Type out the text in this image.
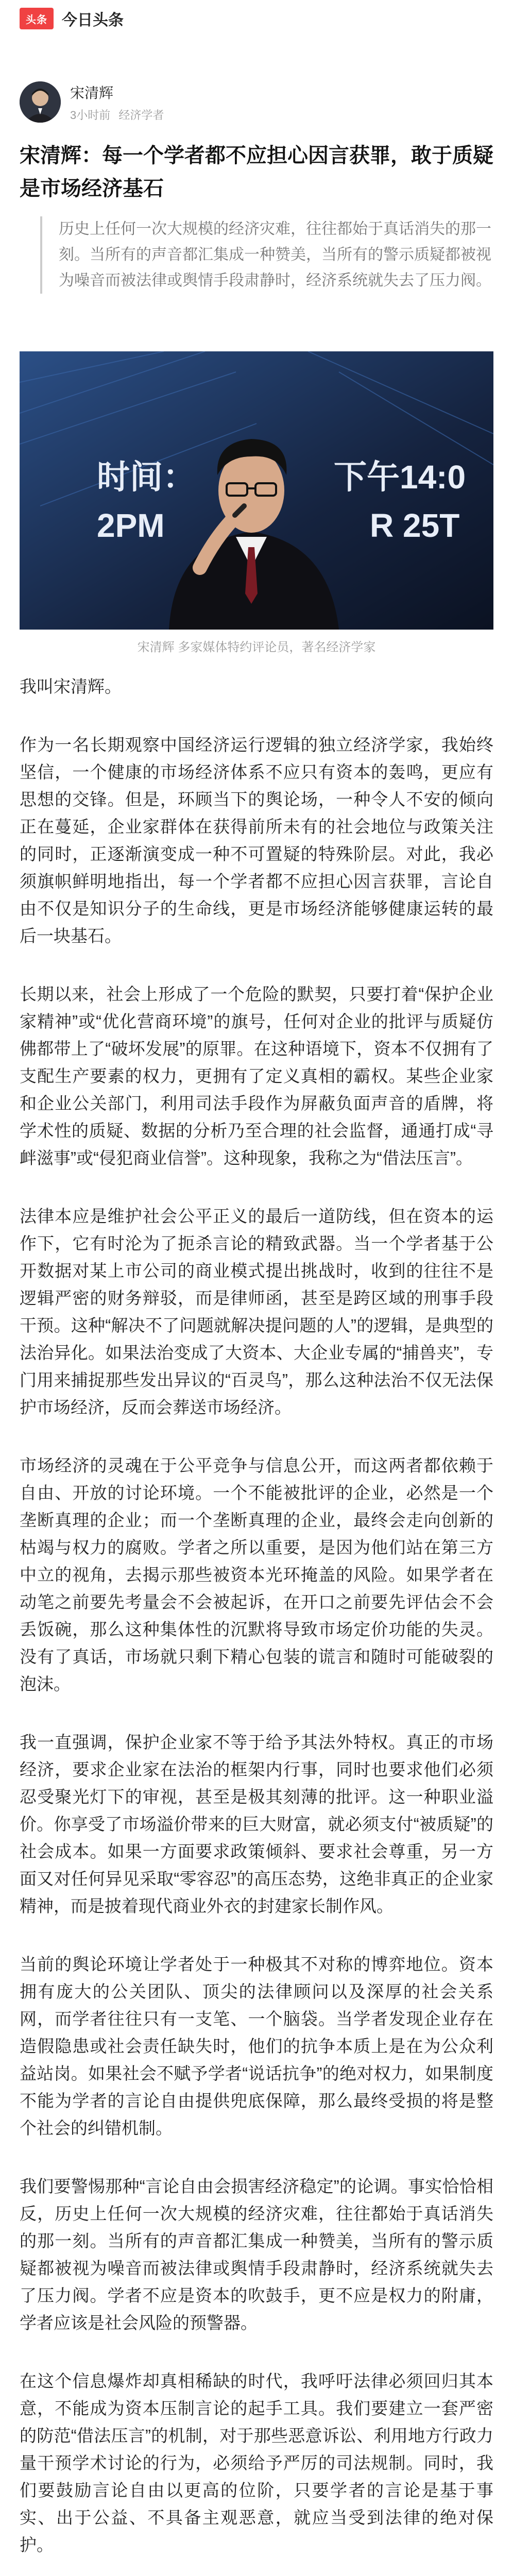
头条 今日头条
宋清辉
3小时前 经济学者
宋清辉：每一个学者都不应担心因言获罪，敢于质疑是市场经济基石
历史上任何一次大规模的经济灾难，往往都始于真话消失的那一刻。当所有的声音都汇集成一种赞美，当所有的警示质疑都被视为噪音而被法律或舆情手段肃静时，经济系统就失去了压力阀。
时间：	下午14:0
2PM	R 25T
宋清辉 多家媒体特约评论员，著名经济学家

我叫宋清辉。

作为一名长期观察中国经济运行逻辑的独立经济学家，我始终坚信，一个健康的市场经济体系不应只有资本的轰鸣，更应有思想的交锋。但是，环顾当下的舆论场，一种令人不安的倾向正在蔓延，企业家群体在获得前所未有的社会地位与政策关注的同时，正逐渐演变成一种不可置疑的特殊阶层。对此，我必须旗帜鲜明地指出，每一个学者都不应担心因言获罪，言论自由不仅是知识分子的生命线，更是市场经济能够健康运转的最后一块基石。

长期以来，社会上形成了一个危险的默契，只要打着“保护企业家精神”或“优化营商环境”的旗号，任何对企业的批评与质疑仿佛都带上了“破坏发展”的原罪。在这种语境下，资本不仅拥有了支配生产要素的权力，更拥有了定义真相的霸权。某些企业家和企业公关部门，利用司法手段作为屏蔽负面声音的盾牌，将学术性的质疑、数据的分析乃至合理的社会监督，通通打成“寻衅滋事”或“侵犯商业信誉”。这种现象，我称之为“借法压言”。

法律本应是维护社会公平正义的最后一道防线，但在资本的运作下，它有时沦为了扼杀言论的精致武器。当一个学者基于公开数据对某上市公司的商业模式提出挑战时，收到的往往不是逻辑严密的财务辩驳，而是律师函，甚至是跨区域的刑事手段干预。这种“解决不了问题就解决提问题的人”的逻辑，是典型的法治异化。如果法治变成了大资本、大企业专属的“捕兽夹”，专门用来捕捉那些发出异议的“百灵鸟”，那么这种法治不仅无法保护市场经济，反而会葬送市场经济。

市场经济的灵魂在于公平竞争与信息公开，而这两者都依赖于自由、开放的讨论环境。一个不能被批评的企业，必然是一个垄断真理的企业；而一个垄断真理的企业，最终会走向创新的枯竭与权力的腐败。学者之所以重要，是因为他们站在第三方中立的视角，去揭示那些被资本光环掩盖的风险。如果学者在动笔之前要先考量会不会被起诉，在开口之前要先评估会不会丢饭碗，那么这种集体性的沉默将导致市场定价功能的失灵。没有了真话，市场就只剩下精心包装的谎言和随时可能破裂的泡沫。

我一直强调，保护企业家不等于给予其法外特权。真正的市场经济，要求企业家在法治的框架内行事，同时也要求他们必须忍受聚光灯下的审视，甚至是极其刻薄的批评。这一种职业溢价。你享受了市场溢价带来的巨大财富，就必须支付“被质疑”的社会成本。如果一方面要求政策倾斜、要求社会尊重，另一方面又对任何异见采取“零容忍”的高压态势，这绝非真正的企业家精神，而是披着现代商业外衣的封建家长制作风。

当前的舆论环境让学者处于一种极其不对称的博弈地位。资本拥有庞大的公关团队、顶尖的法律顾问以及深厚的社会关系网，而学者往往只有一支笔、一个脑袋。当学者发现企业存在造假隐患或社会责任缺失时，他们的抗争本质上是在为公众利益站岗。如果社会不赋予学者“说话抗争”的绝对权力，如果制度不能为学者的言论自由提供兜底保障，那么最终受损的将是整个社会的纠错机制。

我们要警惕那种“言论自由会损害经济稳定”的论调。事实恰恰相反，历史上任何一次大规模的经济灾难，往往都始于真话消失的那一刻。当所有的声音都汇集成一种赞美，当所有的警示质疑都被视为噪音而被法律或舆情手段肃静时，经济系统就失去了压力阀。学者不应是资本的吹鼓手，更不应是权力的附庸，学者应该是社会风险的预警器。

在这个信息爆炸却真相稀缺的时代，我呼吁法律必须回归其本意，不能成为资本压制言论的起手工具。我们要建立一套严密的防范“借法压言”的机制，对于那些恶意诉讼、利用地方行政力量干预学术讨论的行为，必须给予严厉的司法规制。同时，我们要鼓励言论自由以更高的位阶，只要学者的言论是基于事实、出于公益、不具备主观恶意，就应当受到法律的绝对保护。
